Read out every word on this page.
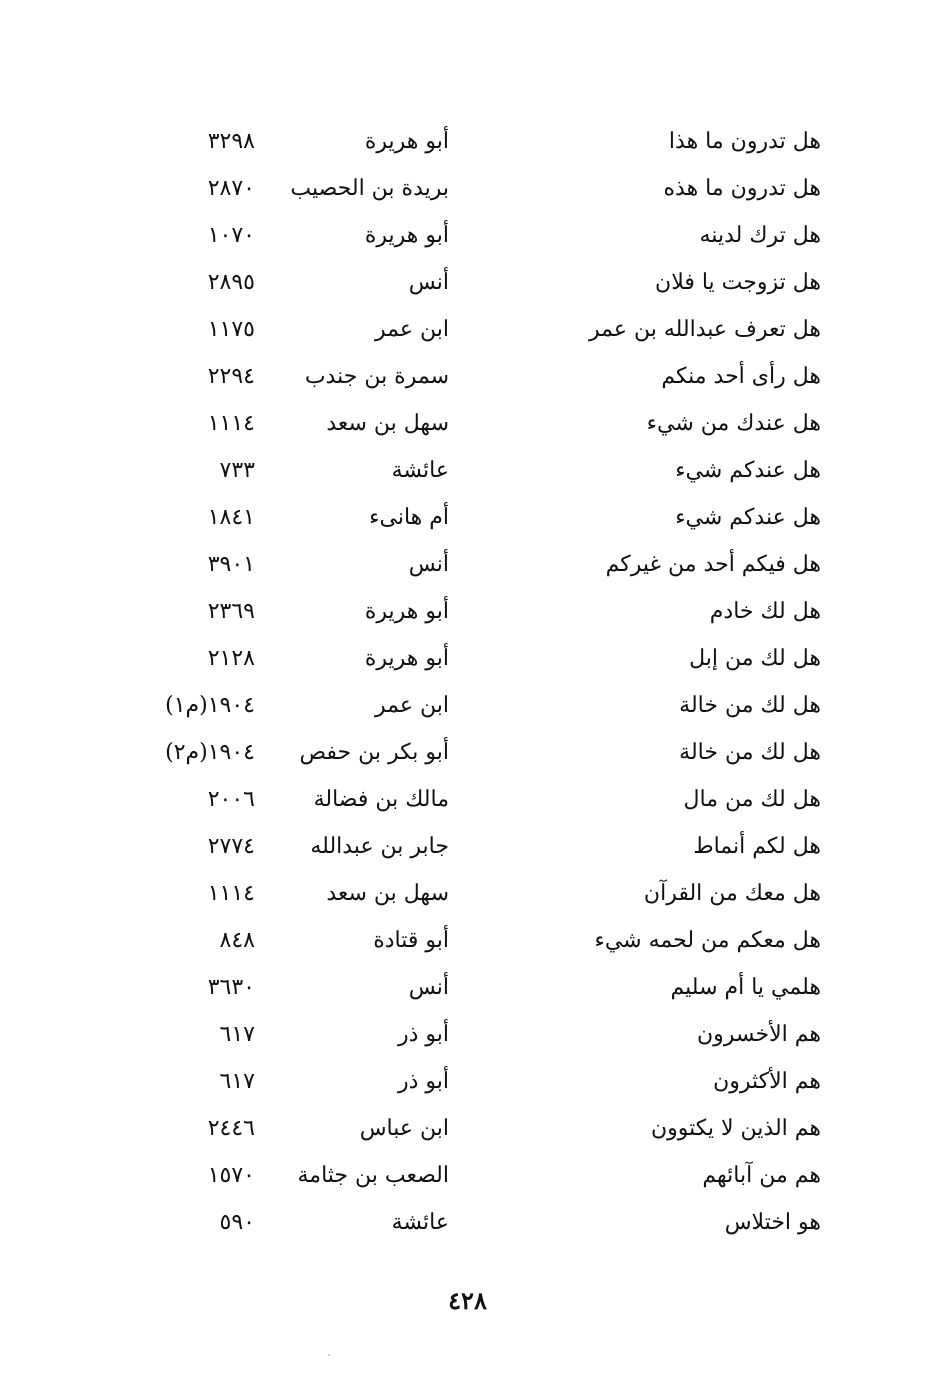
هل تدرون ما هذا
أبو هريرة
٣٢٩٨
هل تدرون ما هذه
بريدة بن الحصيب
٢٨٧٠
هل ترك لدينه
أبو هريرة
١٠٧٠
هل تزوجت يا فلان
أنس
٢٨٩٥
هل تعرف عبدالله بن عمر
ابن عمر
١١٧٥
هل رأى أحد منكم
سمرة بن جندب
٢٢٩٤
هل عندك من شيء
سهل بن سعد
١١١٤
هل عندكم شيء
عائشة
٧٣٣
هل عندكم شيء
أم هانىء
١٨٤١
هل فيكم أحد من غيركم
أنس
٣٩٠١
هل لك خادم
أبو هريرة
٢٣٦٩
هل لك من إبل
أبو هريرة
٢١٢٨
هل لك من خالة
ابن عمر
١٩٠٤(م١)
هل لك من خالة
أبو بكر بن حفص
١٩٠٤(م٢)
هل لك من مال
مالك بن فضالة
٢٠٠٦
هل لكم أنماط
جابر بن عبدالله
٢٧٧٤
هل معك من القرآن
سهل بن سعد
١١١٤
هل معكم من لحمه شيء
أبو قتادة
٨٤٨
هلمي يا أم سليم
أنس
٣٦٣٠
هم الأخسرون
أبو ذر
٦١٧
هم الأكثرون
أبو ذر
٦١٧
هم الذين لا يكتوون
ابن عباس
٢٤٤٦
هم من آبائهم
الصعب بن جثامة
١٥٧٠
هو اختلاس
عائشة
٥٩٠
٤٢٨
